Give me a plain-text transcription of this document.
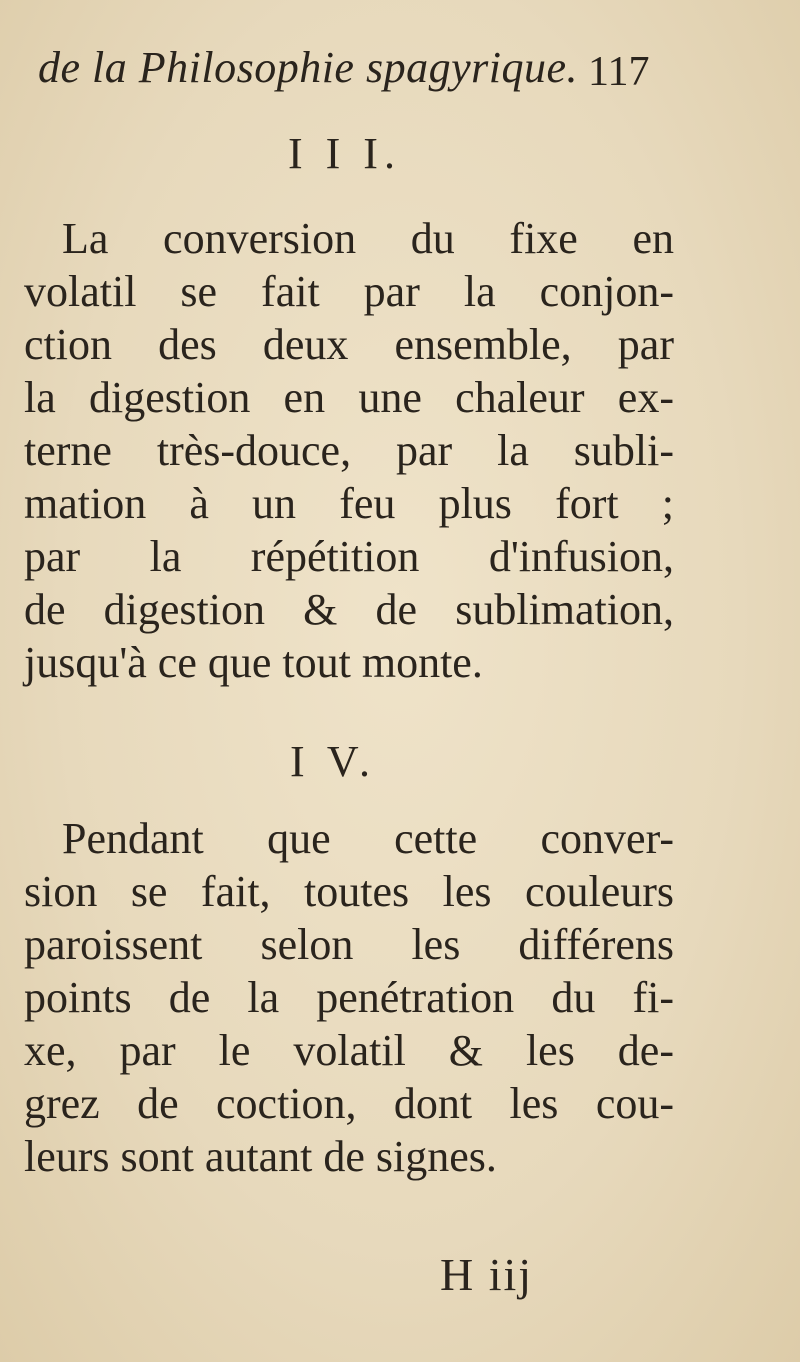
de la Philosophie spagyrique. 117
I I I.
La conversion du fixe en
volatil se fait par la conjon-
ction des deux ensemble, par
la digestion en une chaleur ex-
terne très-douce, par la subli-
mation à un feu plus fort ;
par la répétition d'infusion,
de digestion & de sublimation,
jusqu'à ce que tout monte.
I V.
Pendant que cette conver-
sion se fait, toutes les couleurs
paroissent selon les différens
points de la penétration du fi-
xe, par le volatil & les de-
grez de coction, dont les cou-
leurs sont autant de signes.
H iij
